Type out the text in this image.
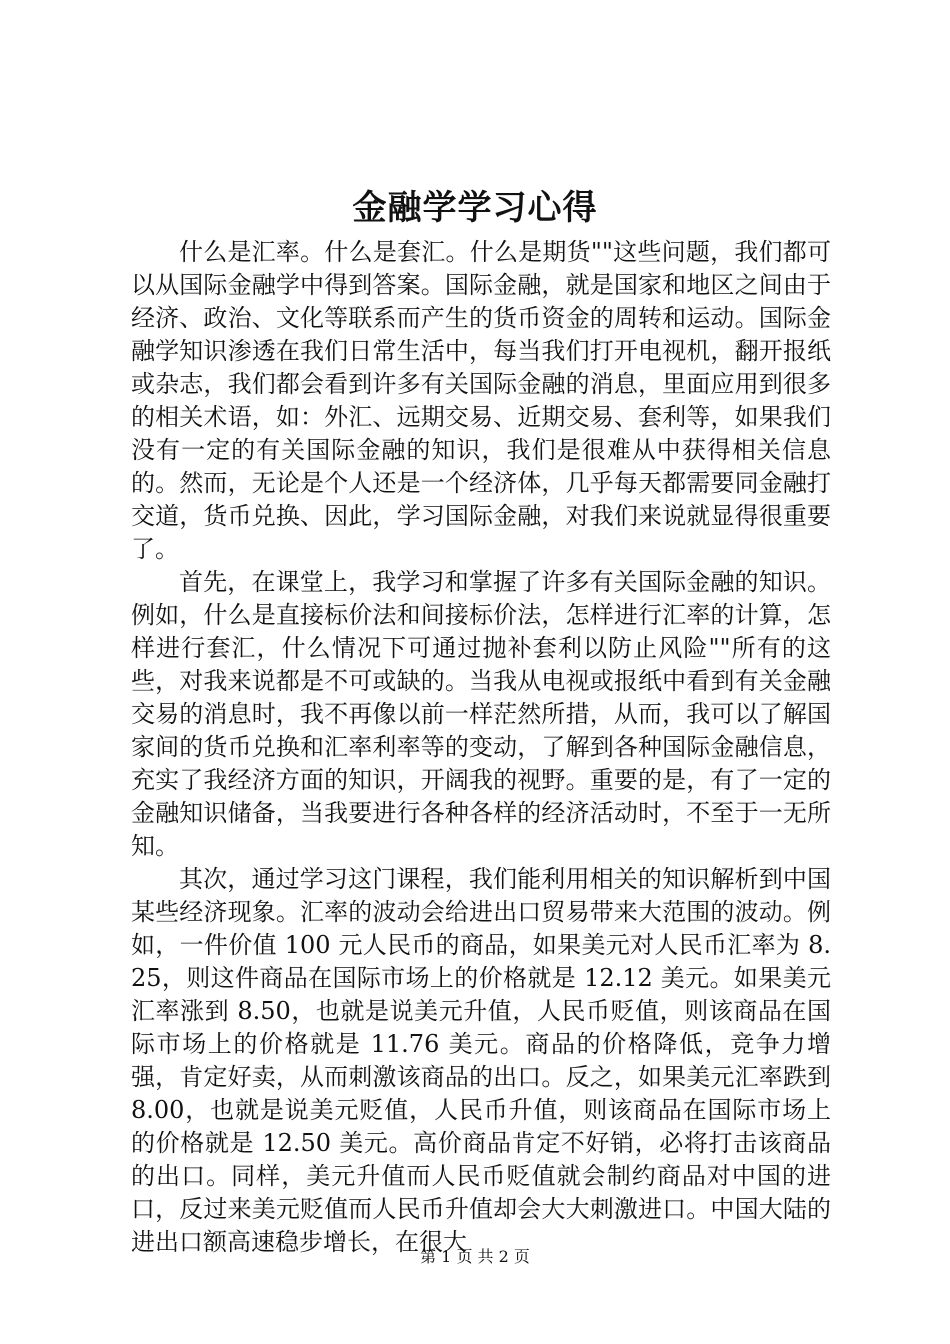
金融学学习心得

什么是汇率。什么是套汇。什么是期货""这些问题，我们都可以从国际金融学中得到答案。国际金融，就是国家和地区之间由于经济、政治、文化等联系而产生的货币资金的周转和运动。国际金融学知识渗透在我们日常生活中，每当我们打开电视机，翻开报纸或杂志，我们都会看到许多有关国际金融的消息，里面应用到很多的相关术语，如：外汇、远期交易、近期交易、套利等，如果我们没有一定的有关国际金融的知识，我们是很难从中获得相关信息的。然而，无论是个人还是一个经济体，几乎每天都需要同金融打交道，货币兑换、因此，学习国际金融，对我们来说就显得很重要了。

首先，在课堂上，我学习和掌握了许多有关国际金融的知识。例如，什么是直接标价法和间接标价法，怎样进行汇率的计算，怎样进行套汇，什么情况下可通过抛补套利以防止风险""所有的这些，对我来说都是不可或缺的。当我从电视或报纸中看到有关金融交易的消息时，我不再像以前一样茫然所措，从而，我可以了解国家间的货币兑换和汇率利率等的变动，了解到各种国际金融信息，充实了我经济方面的知识，开阔我的视野。重要的是，有了一定的金融知识储备，当我要进行各种各样的经济活动时，不至于一无所知。

其次，通过学习这门课程，我们能利用相关的知识解析到中国某些经济现象。汇率的波动会给进出口贸易带来大范围的波动。例如，一件价值 100 元人民币的商品，如果美元对人民币汇率为 8.25，则这件商品在国际市场上的价格就是 12.12 美元。如果美元汇率涨到 8.50，也就是说美元升值，人民币贬值，则该商品在国际市场上的价格就是 11.76 美元。商品的价格降低，竞争力增强，肯定好卖，从而刺激该商品的出口。反之，如果美元汇率跌到 8.00，也就是说美元贬值，人民币升值，则该商品在国际市场上的价格就是 12.50 美元。高价商品肯定不好销，必将打击该商品的出口。同样，美元升值而人民币贬值就会制约商品对中国的进口，反过来美元贬值而人民币升值却会大大刺激进口。中国大陆的进出口额高速稳步增长，在很大

第 1 页 共 2 页
